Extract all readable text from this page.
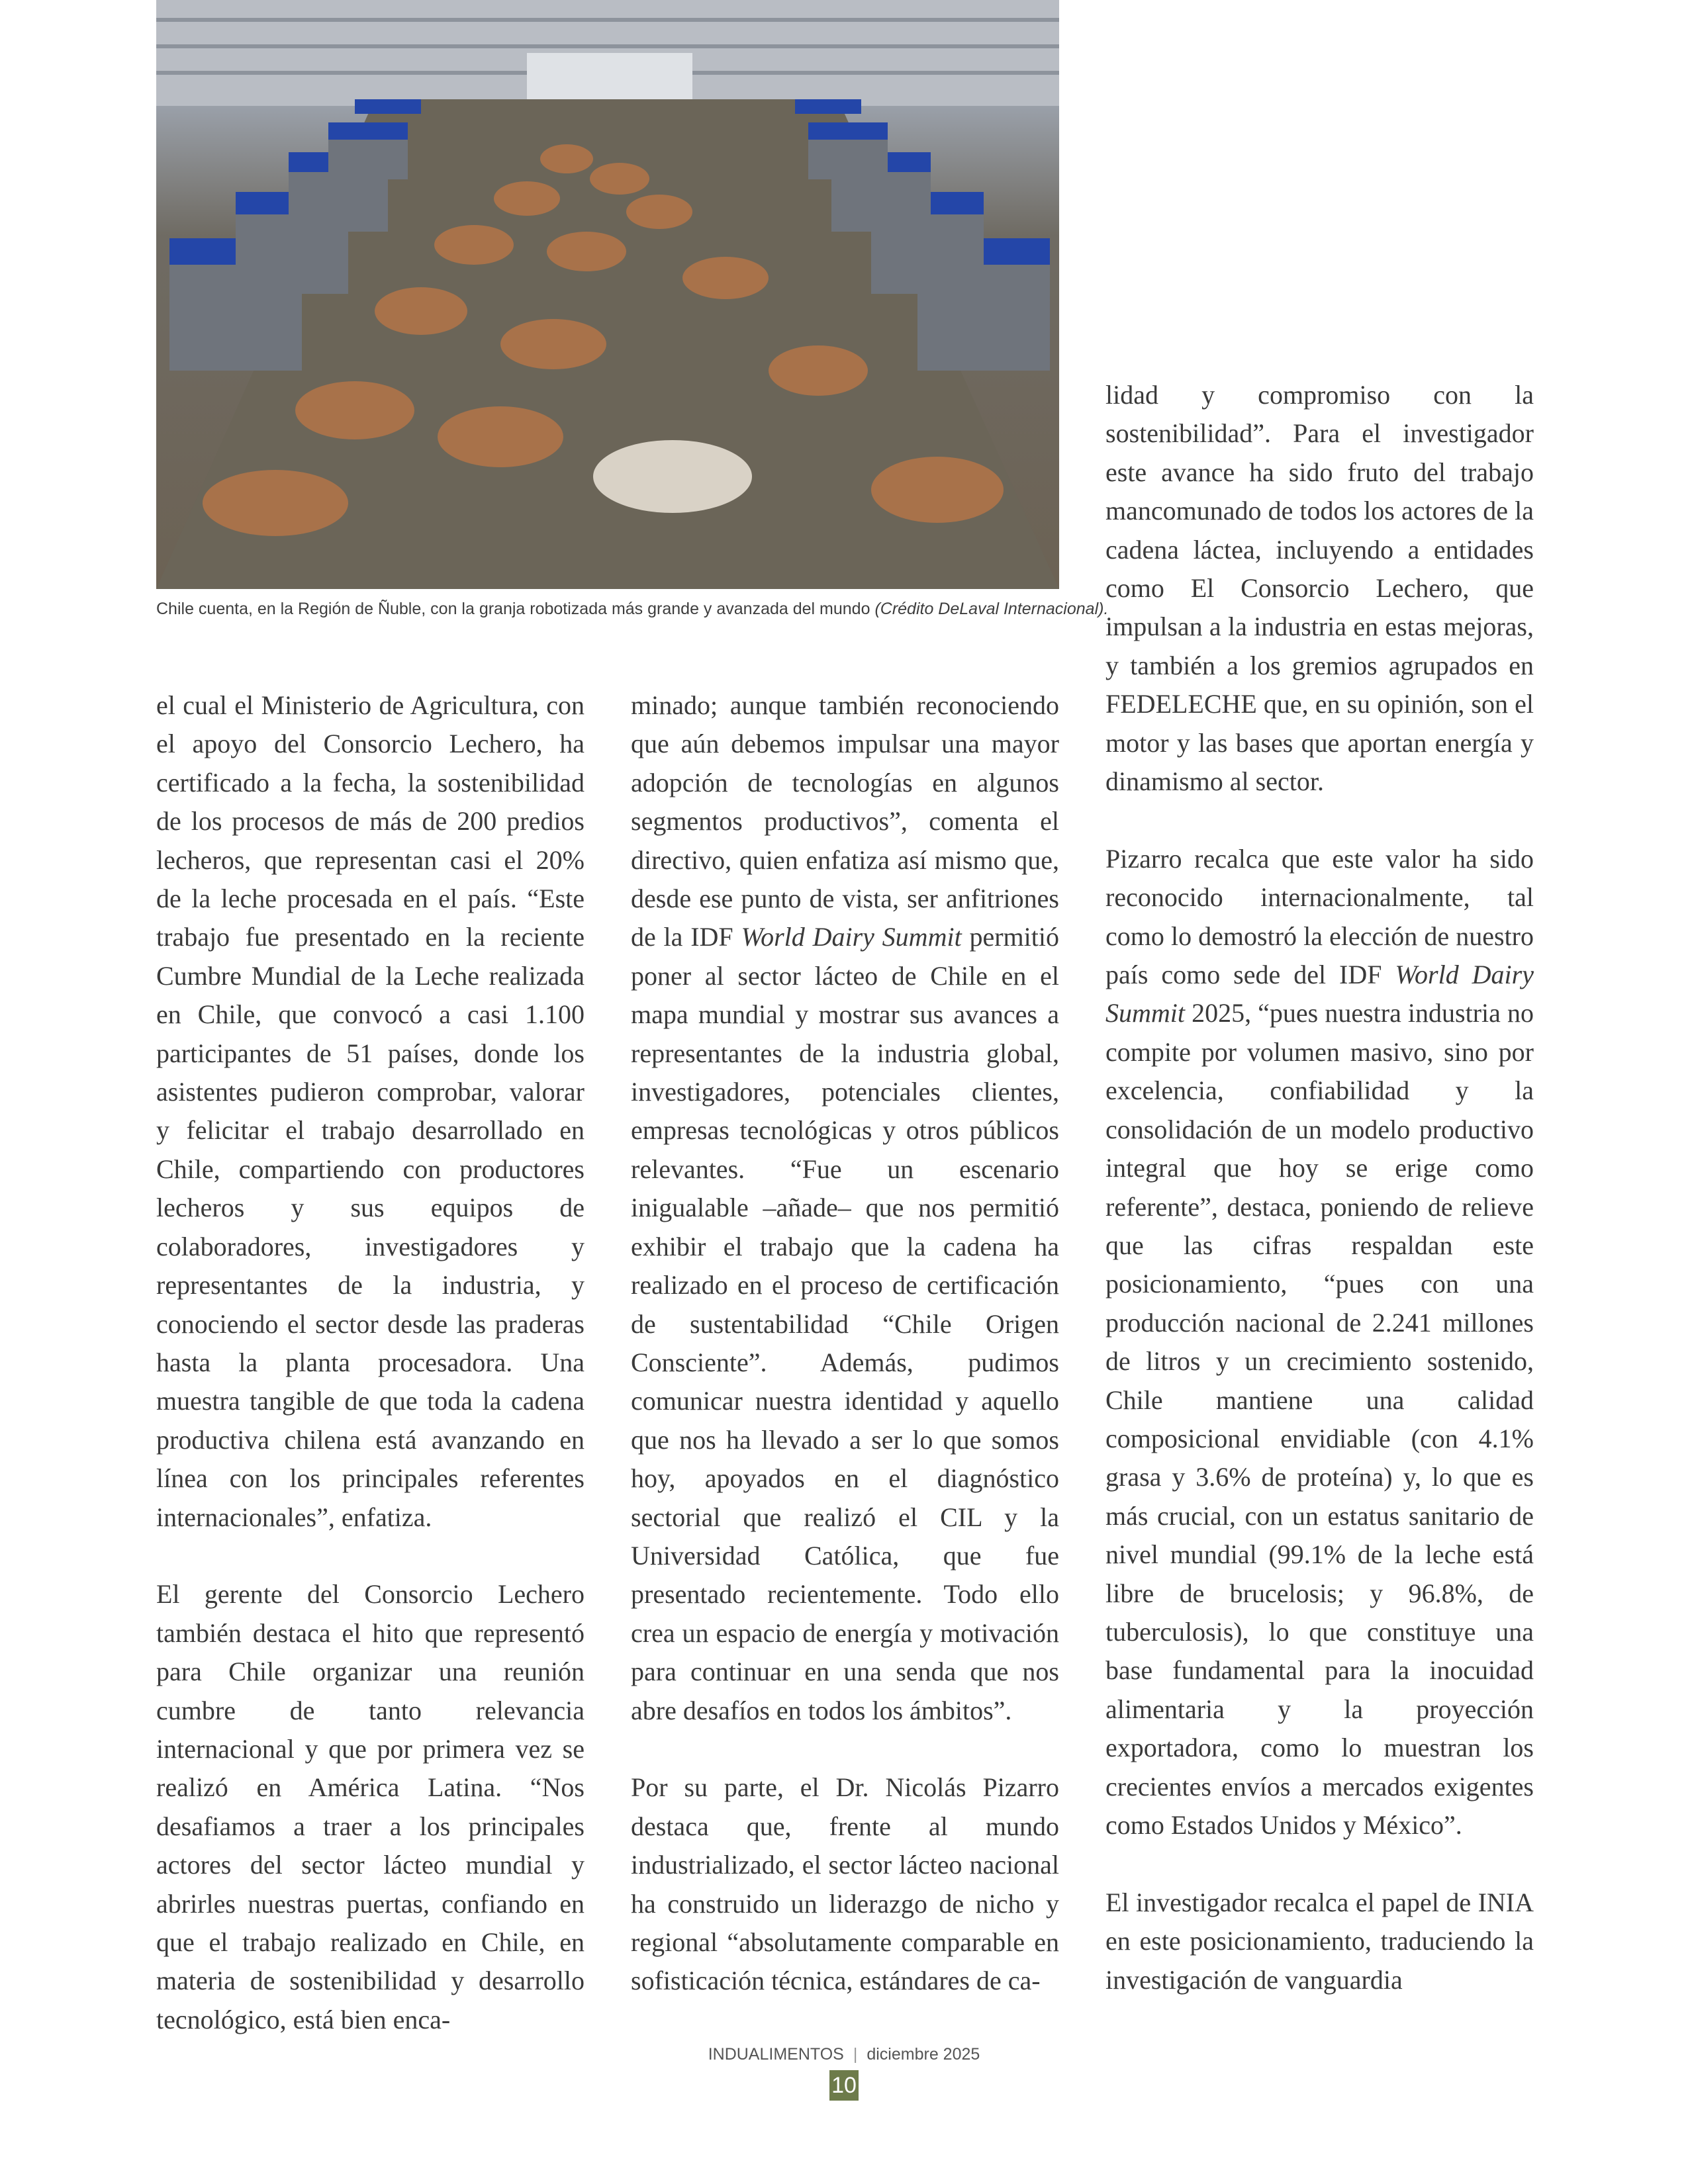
Chile cuenta, en la Región de Ñuble, con la granja robotizada más grande y avanzada del mundo (Crédito DeLaval Internacional).

el cual el Ministerio de Agricultura, con el apoyo del Consorcio Lechero, ha certificado a la fecha, la sostenibilidad de los procesos de más de 200 predios lecheros, que representan casi el 20% de la leche procesada en el país. “Este trabajo fue presentado en la reciente Cumbre Mundial de la Leche realizada en Chile, que convocó a casi 1.100 participantes de 51 países, donde los asistentes pudieron comprobar, valorar y felicitar el trabajo desarrollado en Chile, compartiendo con productores lecheros y sus equipos de colaboradores, investigadores y representantes de la industria, y conociendo el sector desde las praderas hasta la planta procesadora. Una muestra tangible de que toda la cadena productiva chilena está avanzando en línea con los principales referentes internacionales”, enfatiza.

El gerente del Consorcio Lechero también destaca el hito que representó para Chile organizar una reunión cumbre de tanto relevancia internacional y que por primera vez se realizó en América Latina. “Nos desafiamos a traer a los principales actores del sector lácteo mundial y abrirles nuestras puertas, confiando en que el trabajo realizado en Chile, en materia de sostenibilidad y desarrollo tecnológico, está bien enca-

minado; aunque también reconociendo que aún debemos impulsar una mayor adopción de tecnologías en algunos segmentos productivos”, comenta el directivo, quien enfatiza así mismo que, desde ese punto de vista, ser anfitriones de la IDF World Dairy Summit permitió poner al sector lácteo de Chile en el mapa mundial y mostrar sus avances a representantes de la industria global, investigadores, potenciales clientes, empresas tecnológicas y otros públicos relevantes. “Fue un escenario inigualable –añade– que nos permitió exhibir el trabajo que la cadena ha realizado en el proceso de certificación de sustentabilidad “Chile Origen Consciente”. Además, pudimos comunicar nuestra identidad y aquello que nos ha llevado a ser lo que somos hoy, apoyados en el diagnóstico sectorial que realizó el CIL y la Universidad Católica, que fue presentado recientemente. Todo ello crea un espacio de energía y motivación para continuar en una senda que nos abre desafíos en todos los ámbitos”.

Por su parte, el Dr. Nicolás Pizarro destaca que, frente al mundo industrializado, el sector lácteo nacional ha construido un liderazgo de nicho y regional “absolutamente comparable en sofisticación técnica, estándares de ca-

lidad y compromiso con la sostenibilidad”. Para el investigador este avance ha sido fruto del trabajo mancomunado de todos los actores de la cadena láctea, incluyendo a entidades como El Consorcio Lechero, que impulsan a la industria en estas mejoras, y también a los gremios agrupados en FEDELECHE que, en su opinión, son el motor y las bases que aportan energía y dinamismo al sector.

Pizarro recalca que este valor ha sido reconocido internacionalmente, tal como lo demostró la elección de nuestro país como sede del IDF World Dairy Summit 2025, “pues nuestra industria no compite por volumen masivo, sino por excelencia, confiabilidad y la consolidación de un modelo productivo integral que hoy se erige como referente”, destaca, poniendo de relieve que las cifras respaldan este posicionamiento, “pues con una producción nacional de 2.241 millones de litros y un crecimiento sostenido, Chile mantiene una calidad composicional envidiable (con 4.1% grasa y 3.6% de proteína) y, lo que es más crucial, con un estatus sanitario de nivel mundial (99.1% de la leche está libre de brucelosis; y 96.8%, de tuberculosis), lo que constituye una base fundamental para la inocuidad alimentaria y la proyección exportadora, como lo muestran los crecientes envíos a mercados exigentes como Estados Unidos y México”.

El investigador recalca el papel de INIA en este posicionamiento, traduciendo la investigación de vanguardia

INDUALIMENTOS | diciembre 2025
10
